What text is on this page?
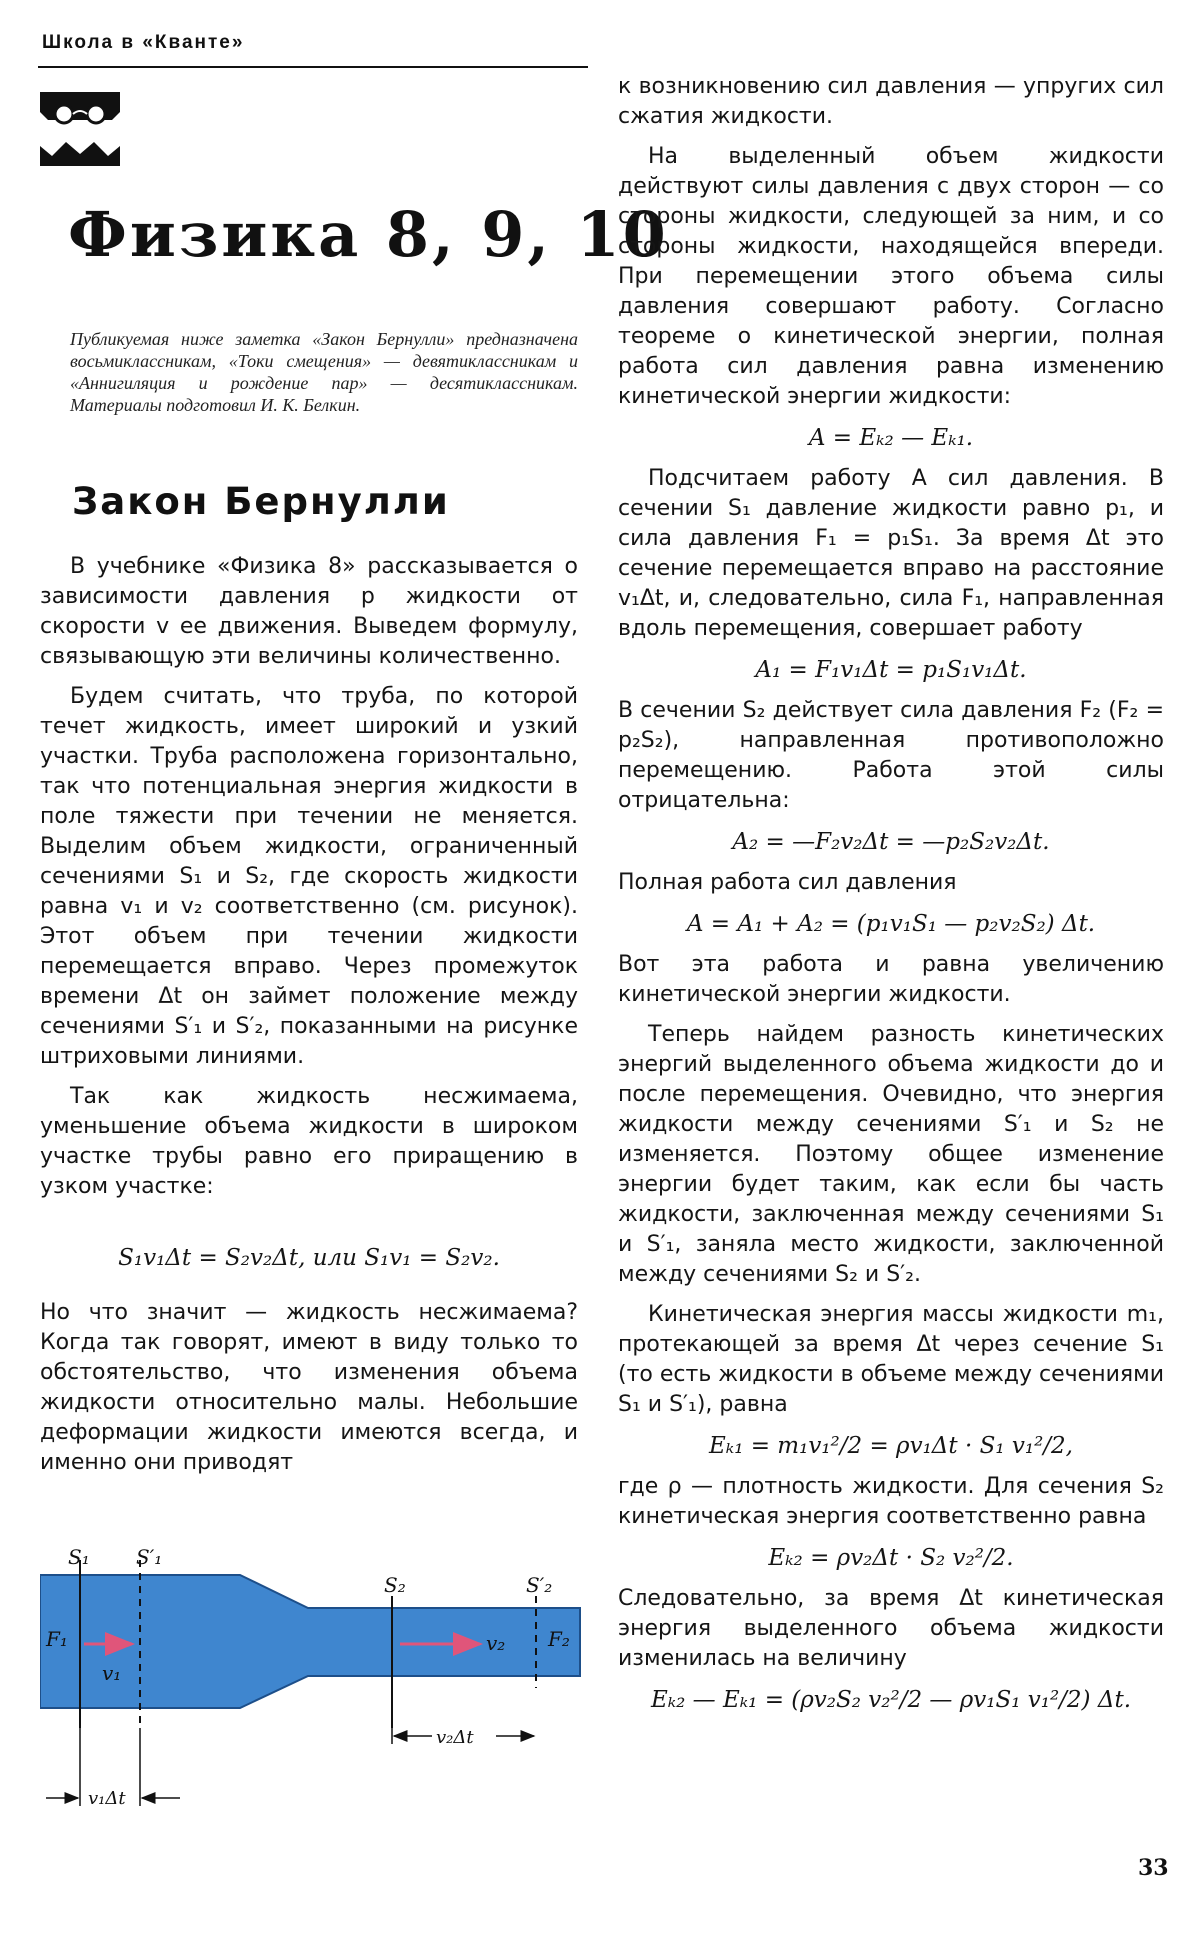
Школа в «Кванте»
Физика 8, 9, 10
Публикуемая ниже заметка «Закон Бернулли» предназначена восьмиклассникам, «Токи смещения» — девятиклассникам и «Аннигиляция и рождение пар» — десятиклассникам. Материалы подготовил И. К. Белкин.
Закон Бернулли

В учебнике «Физика 8» рассказывается о зависимости давления p жидкости от скорости v ее движения. Выведем формулу, связывающую эти величины количественно.

Будем считать, что труба, по которой течет жидкость, имеет широкий и узкий участки. Труба расположена горизонтально, так что потенциальная энергия жидкости в поле тяжести при течении не меняется. Выделим объем жидкости, ограниченный сечениями S₁ и S₂, где скорость жидкости равна v₁ и v₂ соответственно (см. рисунок). Этот объем при течении жидкости перемещается вправо. Через промежуток времени Δt он займет положение между сечениями S′₁ и S′₂, показанными на рисунке штриховыми линиями.

Так как жидкость несжимаема, уменьшение объема жидкости в широком участке трубы равно его приращению в узком участке:

S₁v₁Δt = S₂v₂Δt, или S₁v₁ = S₂v₂.

Но что значит — жидкость несжимаема? Когда так говорят, имеют в виду только то обстоятельство, что изменения объема жидкости относительно малы. Небольшие деформации жидкости имеются всегда, и именно они приводят

к возникновению сил давления — упругих сил сжатия жидкости.

На выделенный объем жидкости действуют силы давления с двух сторон — со стороны жидкости, следующей за ним, и со стороны жидкости, находящейся впереди. При перемещении этого объема силы давления совершают работу. Согласно теореме о кинетической энергии, полная работа сил давления равна изменению кинетической энергии жидкости:

A = Eₖ₂ — Eₖ₁.

Подсчитаем работу A сил давления. В сечении S₁ давление жидкости равно p₁, и сила давления F₁ = p₁S₁. За время Δt это сечение перемещается вправо на расстояние v₁Δt, и, следовательно, сила F₁, направленная вдоль перемещения, совершает работу

A₁ = F₁v₁Δt = p₁S₁v₁Δt.

В сечении S₂ действует сила давления F₂ (F₂ = p₂S₂), направленная противоположно перемещению. Работа этой силы отрицательна:

A₂ = —F₂v₂Δt = —p₂S₂v₂Δt.

Полная работа сил давления

A = A₁ + A₂ = (p₁v₁S₁ — p₂v₂S₂) Δt.

Вот эта работа и равна увеличению кинетической энергии жидкости.

Теперь найдем разность кинетических энергий выделенного объема жидкости до и после перемещения. Очевидно, что энергия жидкости между сечениями S′₁ и S₂ не изменяется. Поэтому общее изменение энергии будет таким, как если бы часть жидкости, заключенная между сечениями S₁ и S′₁, заняла место жидкости, заключенной между сечениями S₂ и S′₂.

Кинетическая энергия массы жидкости m₁, протекающей за время Δt через сечение S₁ (то есть жидкости в объеме между сечениями S₁ и S′₁), равна

Eₖ₁ = m₁v₁²/2 = ρv₁Δt · S₁ v₁²/2,

где ρ — плотность жидкости. Для сечения S₂ кинетическая энергия соответственно равна

Eₖ₂ = ρv₂Δt · S₂ v₂²/2.

Следовательно, за время Δt кинетическая энергия выделенного объема жидкости изменилась на величину

Eₖ₂ — Eₖ₁ = (ρv₂S₂ v₂²/2 — ρv₁S₁ v₁²/2) Δt.
S₁ S′₁
S₂	S′₂
F₁	F₂
v₁
v₂
v₂Δt
v₁Δt
33
